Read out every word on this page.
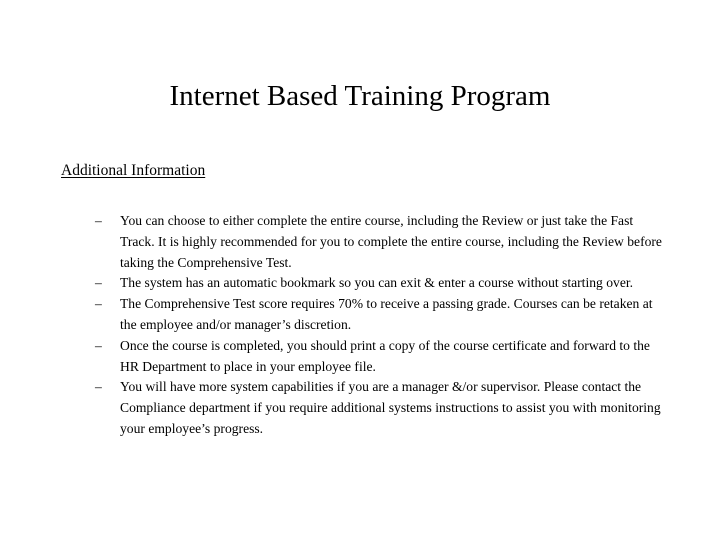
Internet Based Training Program
Additional Information
– You can choose to either complete the entire course, including the Review or just take the Fast Track. It is highly recommended for you to complete the entire course, including the Review before taking the Comprehensive Test.
– The system has an automatic bookmark so you can exit & enter a course without starting over.
– The Comprehensive Test score requires 70% to receive a passing grade. Courses can be retaken at the employee and/or manager’s discretion.
– Once the course is completed, you should print a copy of the course certificate and forward to the HR Department to place in your employee file.
– You will have more system capabilities if you are a manager &/or supervisor. Please contact the Compliance department if you require additional systems instructions to assist you with monitoring your employee’s progress.
